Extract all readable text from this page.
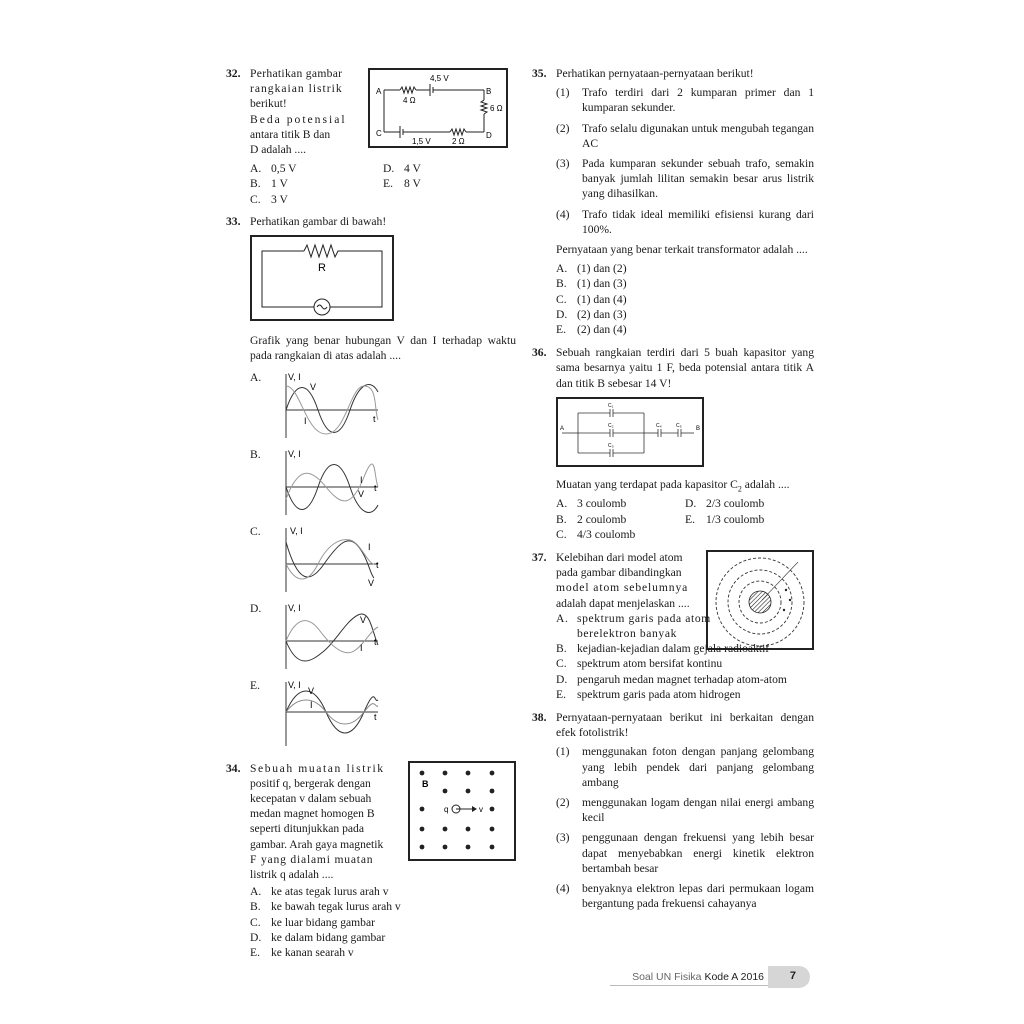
32. Perhatikan gambar
rangkaian listrik
berikut!
Beda potensial
antara titik B dan
D adalah ....
A	B
C	D
4,5 V
4 Ω
6 Ω
1,5 V	2 Ω
A. 0,5 V	D. 4 V
B. 1 V	E. 8 V
C. 3 V
33. Perhatikan gambar di bawah!
R
Grafik yang benar hubungan V dan I terhadap waktu pada rangkaian di atas adalah ....
A.	V, I
V
I	t
B.	V, I
V
I
t
C.	V, I
V
I
t
D.	V, I
V
I
t
E.	V, I
V
I
t
34. Sebuah muatan listrik
positif q, bergerak dengan
kecepatan v dalam sebuah
medan magnet homogen B
seperti ditunjukkan pada
gambar. Arah gaya magnetik
F yang dialami muatan
listrik q adalah ....
B
q	v
A. ke atas tegak lurus arah v
B. ke bawah tegak lurus arah v
C. ke luar bidang gambar
D. ke dalam bidang gambar
E. ke kanan searah v
35. Perhatikan pernyataan-pernyataan berikut!
(1) Trafo terdiri dari 2 kumparan primer dan 1 kumparan sekunder.
(2) Trafo selalu digunakan untuk mengubah tegangan AC
(3) Pada kumparan sekunder sebuah trafo, semakin banyak jumlah lilitan semakin besar arus listrik yang dihasilkan.
(4) Trafo tidak ideal memiliki efisiensi kurang dari 100%.
Pernyataan yang benar terkait transformator adalah ....
A. (1) dan (2)
B. (1) dan (3)
C. (1) dan (4)
D. (2) dan (3)
E. (2) dan (4)
36. Sebuah rangkaian terdiri dari 5 buah kapasitor yang sama besarnya yaitu 1 F, beda potensial antara titik A dan titik B sebesar 14 V!
A	B
C₁
C₂
C₃
C₄	C₅
Muatan yang terdapat pada kapasitor $C_2$ adalah ....
A. 3 coulomb	D. 2/3 coulomb
B. 2 coulomb	E. 1/3 coulomb
C. 4/3 coulomb
37. Kelebihan dari model atom
pada gambar dibandingkan
model atom sebelumnya
adalah dapat menjelaskan ....
A. spektrum garis pada atom berelektron banyak
B. kejadian-kejadian dalam gejala radioaktif
C. spektrum atom bersifat kontinu
D. pengaruh medan magnet terhadap atom-atom
E. spektrum garis pada atom hidrogen
38. Pernyataan-pernyataan berikut ini berkaitan dengan efek fotolistrik!
(1) menggunakan foton dengan panjang gelombang yang lebih pendek dari panjang gelombang ambang
(2) menggunakan logam dengan nilai energi ambang kecil
(3) penggunaan dengan frekuensi yang lebih besar dapat menyebabkan energi kinetik elektron bertambah besar
(4) benyaknya elektron lepas dari permukaan logam bergantung pada frekuensi cahayanya
Soal UN Fisika Kode A 2016 7
